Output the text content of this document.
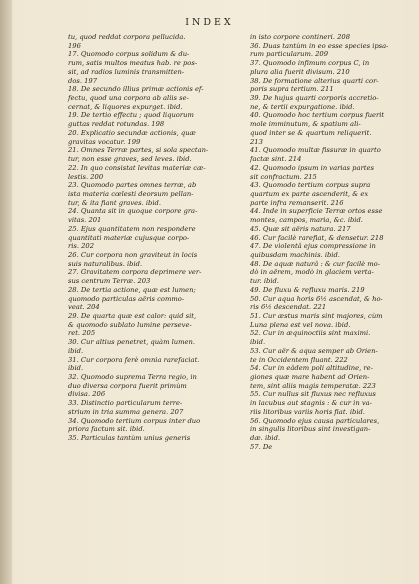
INDEX
tu, quod reddat corpora pellucida.
196
17. Quomodo corpus solidum & du-
rum, satis multos meatus hab. re pos-
sit, ad radios luminis transmitten-
dos. 197
18. De secundo illius primæ actionis ef-
fectu, quod una corpora ab aliis se-
cernat, & liquores expurget. ibid.
19. De tertio effectu ; quod liquorum
guttas reddat rotundas. 198
20. Explicatio secundæ actionis, quæ
gravitas vocatur. 199
21. Omnes Terræ partes, si sola spectan-
tur, non esse graves, sed leves. ibid.
22. In quo consistat levitas materiæ cæ-
lestis. 200
23. Quomodo partes omnes terræ, ab
ista materia cœlesti deorsum pellan-
tur, & ita fiant graves. ibid.
24. Quanta sit in quoque corpore gra-
vitas. 201
25. Ejus quantitatem non respondere
quantitati materiæ cujusque corpo-
ris. 202
26. Cur corpora non graviteut in locis
suis naturalibus. ibid.
27. Gravitatem corpora deprimere ver-
sus centrum Terræ. 203
28. De tertia actione, quæ est lumen;
quomodo particulas aëris commo-
veat. 204
29. De quarta quæ est calor: quid sit,
& quomodo sublato lumine perseve-
ret. 205
30. Cur altius penetret, quàm lumen.
ibid.
31. Cur corpora ferè omnia rarefaciat.
ibid.
32. Quomodo suprema Terra regio, in
duo diversa corpora fuerit primùm
divisa. 206
33. Distinctio particularum terre-
strium in tria summa genera. 207
34. Quomodo tertium corpus inter duo
priora factum sit. ibid.
35. Particulas tantùm unius generis
in isto corpore contineri. 208
36. Duas tantùm in eo esse species ipsa-
rum particularum. 209
37. Quomodo infimum corpus C, in
plura alia fuerit divisum. 210
38. De formatione alterius quarti cor-
poris supra tertium. 211
39. De hujus quarti corporis accretio-
ne, & tertii expurgatione. ibid.
40. Quomodo hoc tertium corpus fuerit
mole imminutum, & spatium ali-
quod inter se & quartum reliquerit.
213
41. Quomodo multæ fissuræ in quarto
factæ sint. 214
42. Quomodo ipsum in varias partes
sit confractum. 215
43. Quomodo tertium corpus supra
quartum ex parte ascenderit, & ex
parte infra remanserit. 216
44. Inde in superficie Terræ ortos esse
montes, campos, maria, &c. ibid.
45. Quæ sit aëris natura. 217
46. Cur facilè rarefiat, & densetur. 218
47. De violentâ ejus compressione in
quibusdam machinis. ibid.
48. De aquæ naturâ : & cur facilè mo-
dò in aërem, modò in glaciem verta-
tur. ibid.
49. De fluxu & refluxu maris. 219
50. Cur aqua horis 6½ ascendat, & ho-
ris 6½ descendat. 221
51. Cur æstus maris sint majores, cùm
Luna plena est vel nova. ibid.
52. Cur in æquinoctiis sint maximi.
ibid.
53. Cur aër & aqua semper ab Orien-
te in Occidentem fluant. 222
54. Cur in eâdem poli altitudine, re-
giones quæ mare habent ad Orien-
tem, sint aliis magis temperatæ. 223
55. Cur nullus sit fluxus nec refluxus
in lacubus aut stagnis : & cur in va-
riis litoribus variis horis fiat. ibid.
56. Quomodo ejus causa particulares,
in singulis litoribus sint investigan-
dæ. ibid.
57. De
